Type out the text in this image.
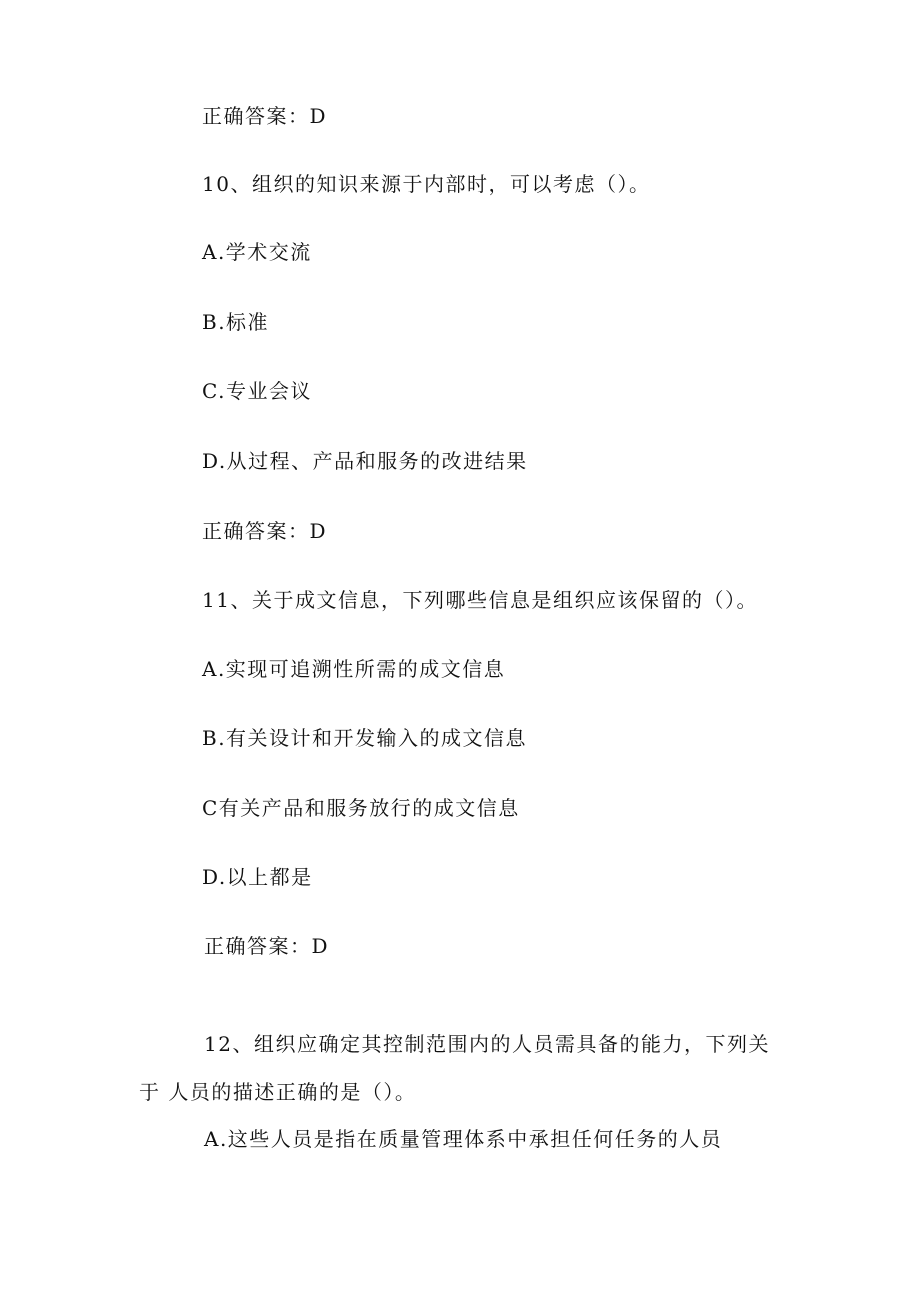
正确答案：D
10、组织的知识来源于内部时，可以考虑（）。
A.学术交流
B.标准
C.专业会议
D.从过程、产品和服务的改进结果
正确答案：D
11、关于成文信息，下列哪些信息是组织应该保留的（）。
A.实现可追溯性所需的成文信息
B.有关设计和开发输入的成文信息
C有关产品和服务放行的成文信息
D.以上都是
正确答案：D
12、组织应确定其控制范围内的人员需具备的能力，下列关
于 人员的描述正确的是（）。
A.这些人员是指在质量管理体系中承担任何任务的人员
